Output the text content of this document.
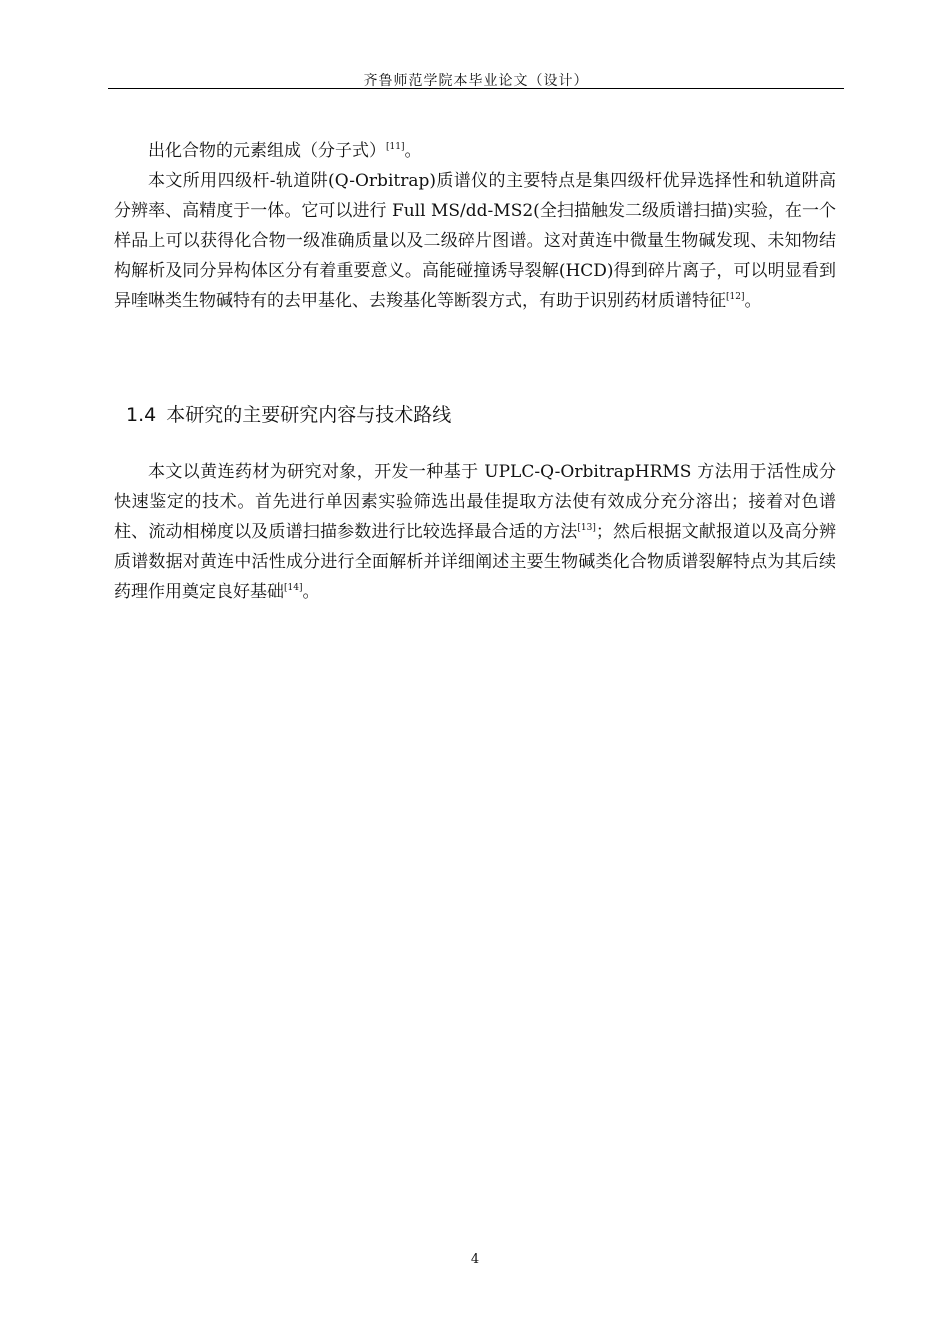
齐鲁师范学院本毕业论文（设计）

出化合物的元素组成（分子式）[11]。

本文所用四级杆-轨道阱(Q-Orbitrap)质谱仪的主要特点是集四级杆优异选择性和轨道阱高分辨率、高精度于一体。它可以进行 Full MS/dd-MS2(全扫描触发二级质谱扫描)实验，在一个样品上可以获得化合物一级准确质量以及二级碎片图谱。这对黄连中微量生物碱发现、未知物结构解析及同分异构体区分有着重要意义。高能碰撞诱导裂解(HCD)得到碎片离子，可以明显看到异喹啉类生物碱特有的去甲基化、去羧基化等断裂方式，有助于识别药材质谱特征[12]。

1.4 本研究的主要研究内容与技术路线

本文以黄连药材为研究对象，开发一种基于 UPLC-Q-OrbitrapHRMS 方法用于活性成分快速鉴定的技术。首先进行单因素实验筛选出最佳提取方法使有效成分充分溶出；接着对色谱柱、流动相梯度以及质谱扫描参数进行比较选择最合适的方法[13]；然后根据文献报道以及高分辨质谱数据对黄连中活性成分进行全面解析并详细阐述主要生物碱类化合物质谱裂解特点为其后续药理作用奠定良好基础[14]。

4
